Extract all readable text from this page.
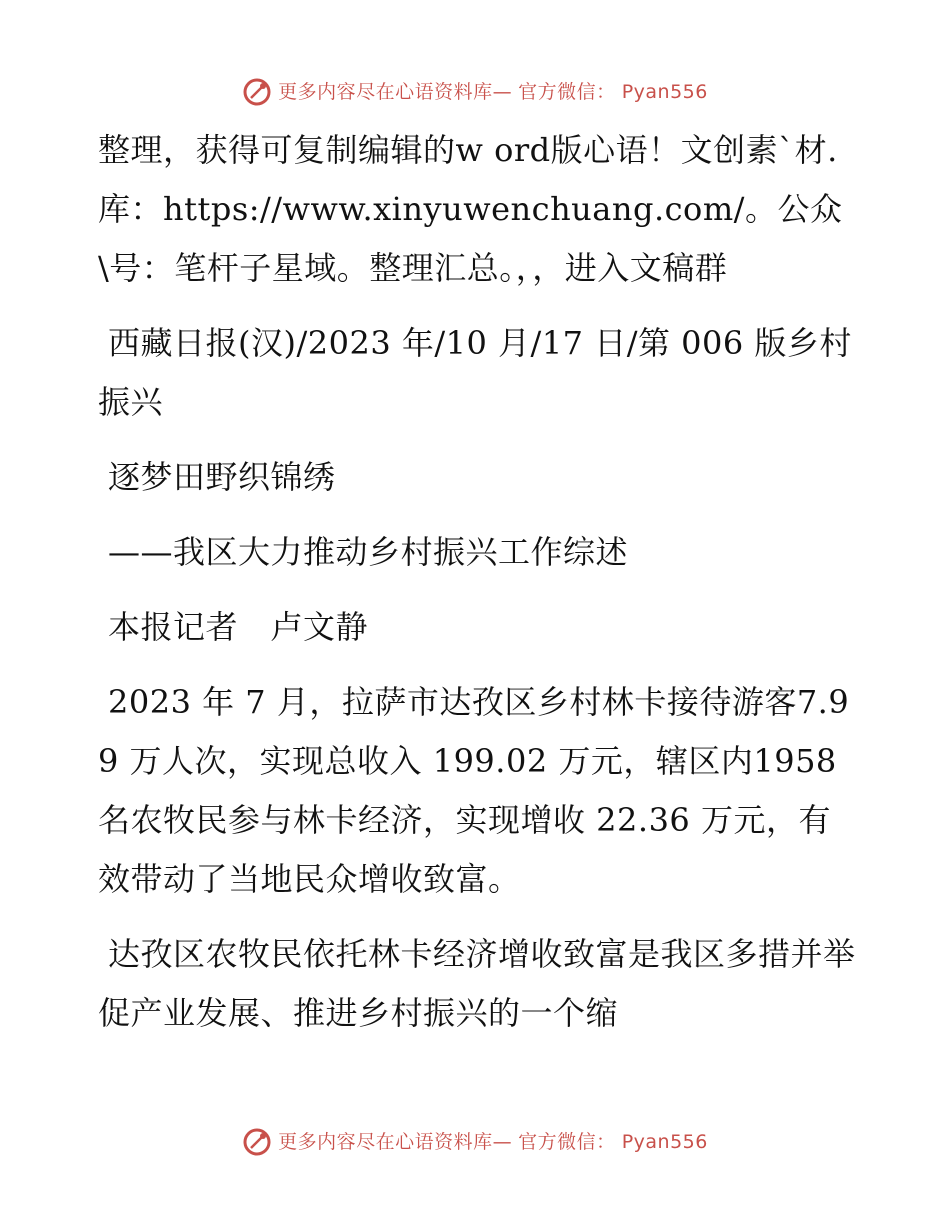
更多内容尽在心语资料库— 官方微信： Pyan556

整理，获得可复制编辑的w ord版心语！文创素`材.库：https://www.xinyuwenchuang.com/。公众\号：笔杆子星域。整理汇总。，，进入文稿群

西藏日报(汉)/2023 年/10 月/17 日/第 006 版乡村振兴

逐梦田野织锦绣

——我区大力推动乡村振兴工作综述

本报记者　卢文静

2023 年 7 月，拉萨市达孜区乡村林卡接待游客7.99 万人次，实现总收入 199.02 万元，辖区内1958 名农牧民参与林卡经济，实现增收 22.36 万元，有效带动了当地民众增收致富。

达孜区农牧民依托林卡经济增收致富是我区多措并举促产业发展、推进乡村振兴的一个缩

更多内容尽在心语资料库— 官方微信： Pyan556
